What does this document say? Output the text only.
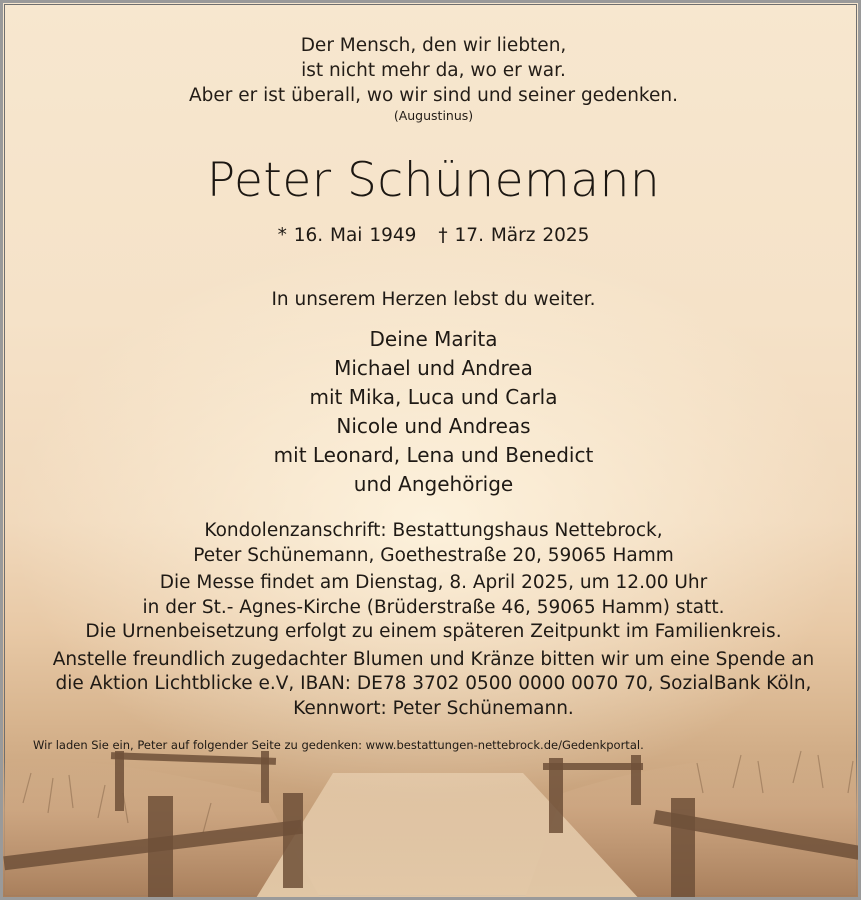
Der Mensch, den wir liebten,
ist nicht mehr da, wo er war.
Aber er ist überall, wo wir sind und seiner gedenken.
(Augustinus)
Peter Schünemann
* 16. Mai 1949 † 17. März 2025
In unserem Herzen lebst du weiter.
Deine Marita
Michael und Andrea
mit Mika, Luca und Carla
Nicole und Andreas
mit Leonard, Lena und Benedict
und Angehörige

Kondolenzanschrift: Bestattungshaus Nettebrock,

Peter Schünemann, Goethestraße 20, 59065 Hamm

Die Messe findet am Dienstag, 8. April 2025, um 12.00 Uhr

in der St.- Agnes-Kirche (Brüderstraße 46, 59065 Hamm) statt.

Die Urnenbeisetzung erfolgt zu einem späteren Zeitpunkt im Familienkreis.

Anstelle freundlich zugedachter Blumen und Kränze bitten wir um eine Spende an

die Aktion Lichtblicke e.V, IBAN: DE78 3702 0500 0000 0070 70, SozialBank Köln,

Kennwort: Peter Schünemann.

Wir laden Sie ein, Peter auf folgender Seite zu gedenken: www.bestattungen-nettebrock.de/Gedenkportal.
